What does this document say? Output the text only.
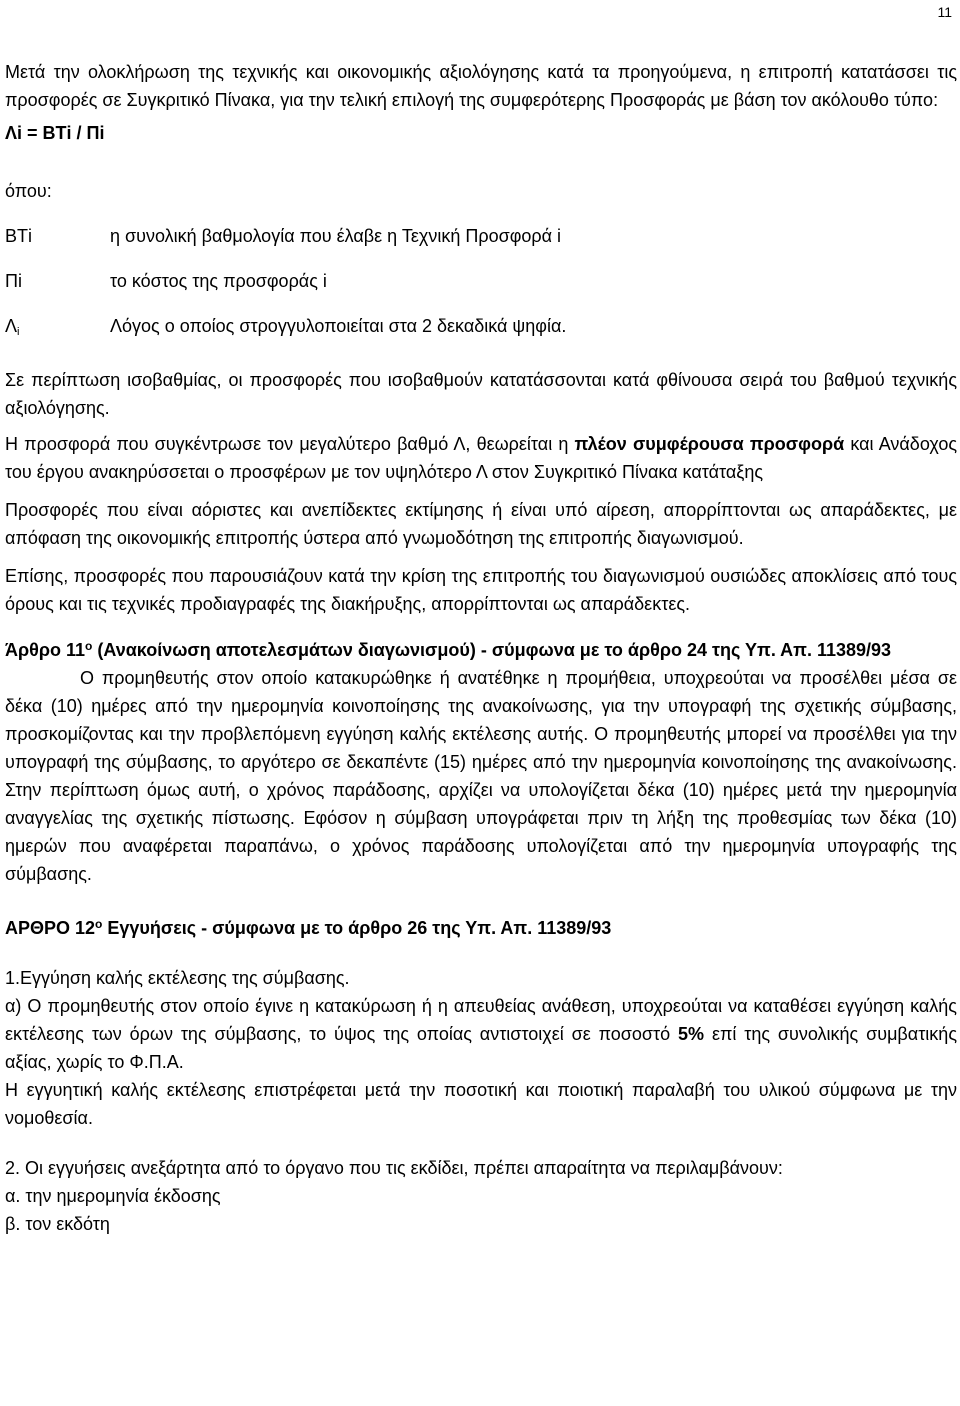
11

Μετά την ολοκλήρωση της τεχνικής και οικονομικής αξιολόγησης κατά τα προηγούμενα, η επιτροπή κατατάσσει τις προσφορές σε Συγκριτικό Πίνακα, για την τελική επιλογή της συμφερότερης Προσφοράς με βάση τον ακόλουθο τύπο:

Λi = ΒΤi / Πi

όπου:

ΒΤi	η συνολική βαθμολογία που έλαβε η Τεχνική Προσφορά i
Πi	το κόστος της προσφοράς i
$\Lambda_i$	Λόγος ο οποίος στρογγυλοποιείται στα 2 δεκαδικά ψηφία.

Σε περίπτωση ισοβαθμίας, οι προσφορές που ισοβαθμούν κατατάσσονται κατά φθίνουσα σειρά του βαθμού τεχνικής αξιολόγησης.

Η προσφορά που συγκέντρωσε τον μεγαλύτερο βαθμό Λ, θεωρείται η πλέον συμφέρουσα προσφορά και Ανάδοχος του έργου ανακηρύσσεται ο προσφέρων με τον υψηλότερο Λ στον Συγκριτικό Πίνακα κατάταξης

Προσφορές που είναι αόριστες και ανεπίδεκτες εκτίμησης ή είναι υπό αίρεση, απορρίπτονται ως απαράδεκτες, με απόφαση της οικονομικής επιτροπής ύστερα από γνωμοδότηση της επιτροπής διαγωνισμού.

Επίσης, προσφορές που παρουσιάζουν κατά την κρίση της επιτροπής του διαγωνισμού ουσιώδες αποκλίσεις από τους όρους και τις τεχνικές προδιαγραφές της διακήρυξης, απορρίπτονται ως απαράδεκτες.

Άρθρο $11^o$ (Ανακοίνωση αποτελεσμάτων διαγωνισμού) - σύμφωνα με το άρθρο 24 της Υπ. Απ. 11389/93

Ο προμηθευτής στον οποίο κατακυρώθηκε ή ανατέθηκε η προμήθεια, υποχρεούται να προσέλθει μέσα σε δέκα (10) ημέρες από την ημερομηνία κοινοποίησης της ανακοίνωσης, για την υπογραφή της σχετικής σύμβασης, προσκομίζοντας και την προβλεπόμενη εγγύηση καλής εκτέλεσης αυτής. Ο προμηθευτής μπορεί να προσέλθει για την υπογραφή της σύμβασης, το αργότερο σε δεκαπέντε (15) ημέρες από την ημερομηνία κοινοποίησης της ανακοίνωσης. Στην περίπτωση όμως αυτή, ο χρόνος παράδοσης, αρχίζει να υπολογίζεται δέκα (10) ημέρες μετά την ημερομηνία αναγγελίας της σχετικής πίστωσης. Εφόσον η σύμβαση υπογράφεται πριν τη λήξη της προθεσμίας των δέκα (10) ημερών που αναφέρεται παραπάνω, ο χρόνος παράδοσης υπολογίζεται από την ημερομηνία υπογραφής της σύμβασης.

ΑΡΘΡΟ $12^o$ Εγγυήσεις - σύμφωνα με το άρθρο 26 της Υπ. Απ. 11389/93

1.Εγγύηση καλής εκτέλεσης της σύμβασης.

α) Ο προμηθευτής στον οποίο έγινε η κατακύρωση ή η απευθείας ανάθεση, υποχρεούται να καταθέσει εγγύηση καλής εκτέλεσης των όρων της σύμβασης, το ύψος της οποίας αντιστοιχεί σε ποσοστό 5% επί της συνολικής συμβατικής αξίας, χωρίς το Φ.Π.Α.

Η εγγυητική καλής εκτέλεσης επιστρέφεται μετά την ποσοτική και ποιοτική παραλαβή του υλικού σύμφωνα με την νομοθεσία.

2. Οι εγγυήσεις ανεξάρτητα από το όργανο που τις εκδίδει, πρέπει απαραίτητα να περιλαμβάνουν:

α. την ημερομηνία έκδοσης

β. τον εκδότη
